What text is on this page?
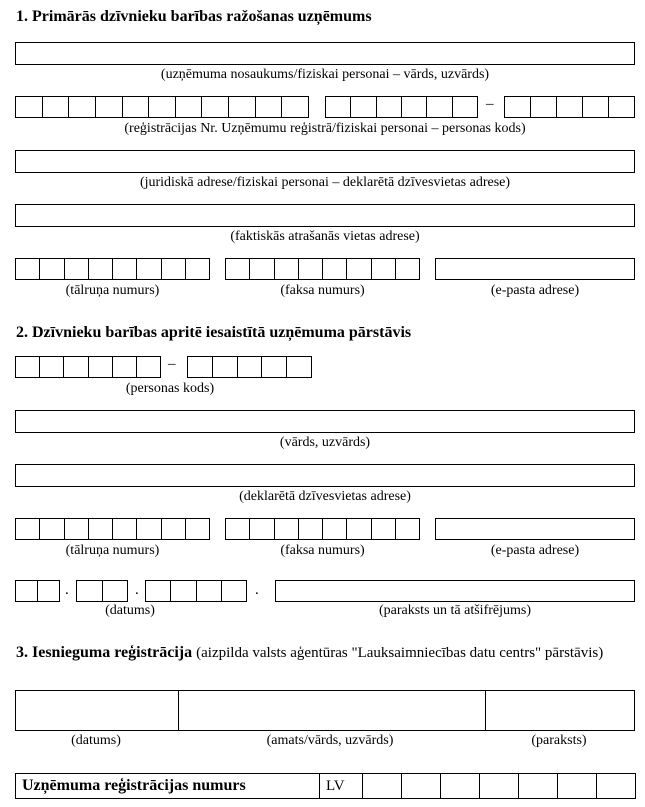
1. Primārās dzīvnieku barības ražošanas uzņēmums
(uzņēmuma nosaukums/fiziskai personai – vārds, uzvārds)
–
(reģistrācijas Nr. Uzņēmumu reģistrā/fiziskai personai – personas kods)
(juridiskā adrese/fiziskai personai – deklarētā dzīvesvietas adrese)
(faktiskās atrašanās vietas adrese)
(tālruņa numurs)	(faksa numurs)	(e-pasta adrese)
2. Dzīvnieku barības apritē iesaistītā uzņēmuma pārstāvis
–
(personas kods)
(vārds, uzvārds)
(deklarētā dzīvesvietas adrese)
(tālruņa numurs)	(faksa numurs)	(e-pasta adrese)
.	.	.
(datums)	(paraksts un tā atšifrējums)
3. Iesnieguma reģistrācija (aizpilda valsts aģentūras "Lauksaimniecības datu centrs" pārstāvis)
(datums)	(amats/vārds, uzvārds)	(paraksts)
Uzņēmuma reģistrācijas numurs	LV							
